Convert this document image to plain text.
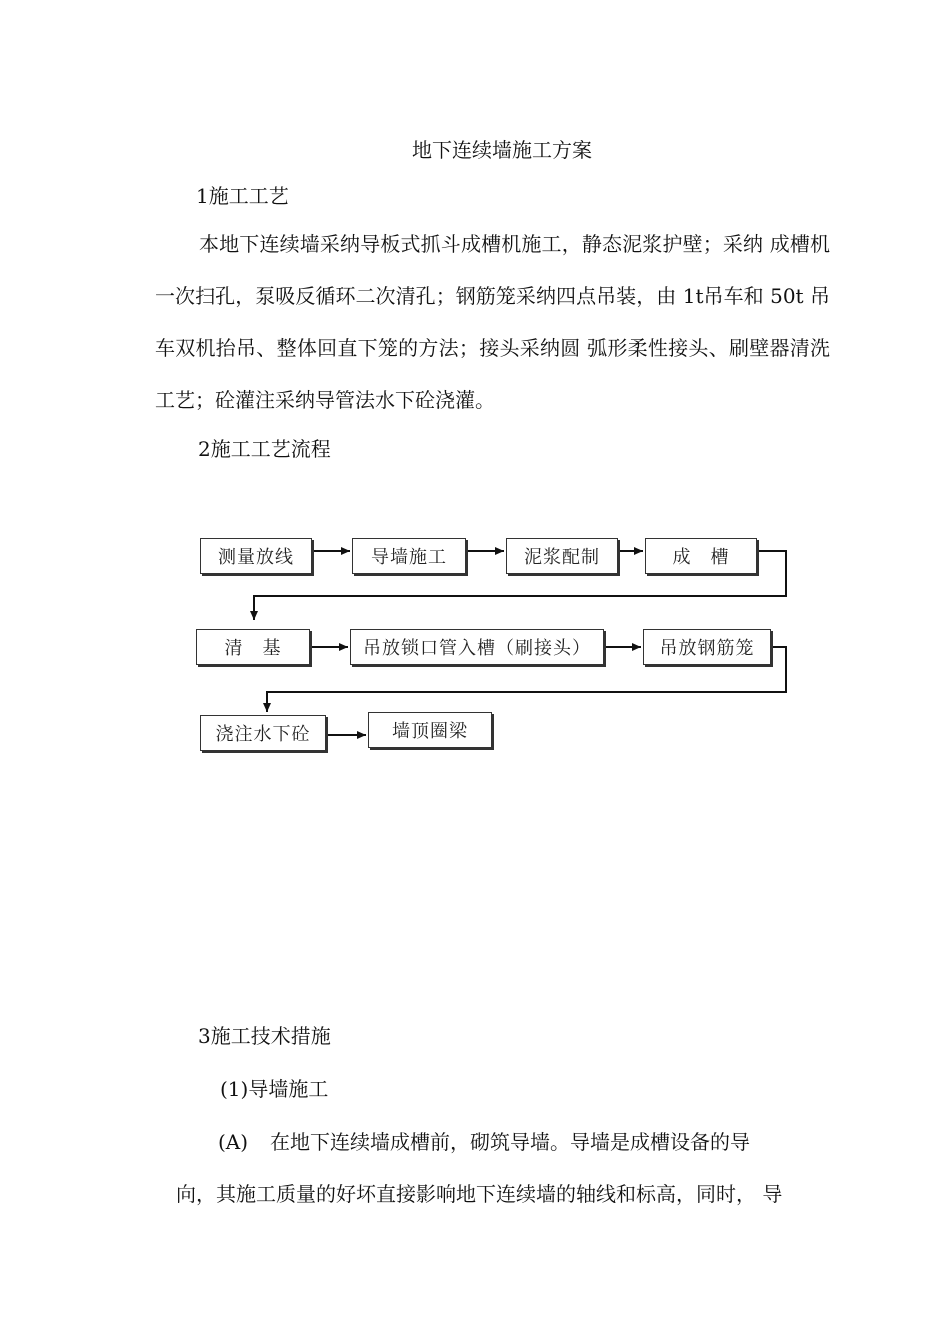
地下连续墙施工方案
1施工工艺
本地下连续墙采纳导板式抓斗成槽机施工，静态泥浆护壁；采纳 成槽机一次扫孔，泵吸反循环二次清孔；钢筋笼采纳四点吊装，由 1t吊车和 50t 吊车双机抬吊、整体回直下笼的方法；接头采纳圆 弧形柔性接头、刷壁器清洗工艺；砼灌注采纳导管法水下砼浇灌。
2施工工艺流程
测量放线	导墙施工	泥浆配制	成　槽
清　基	吊放锁口管入槽（刷接头）	吊放钢筋笼
浇注水下砼	墙顶圈梁
3施工技术措施
(1)导墙施工
(A) 在地下连续墙成槽前，砌筑导墙。导墙是成槽设备的导
向，其施工质量的好坏直接影响地下连续墙的轴线和标高，同时， 导
